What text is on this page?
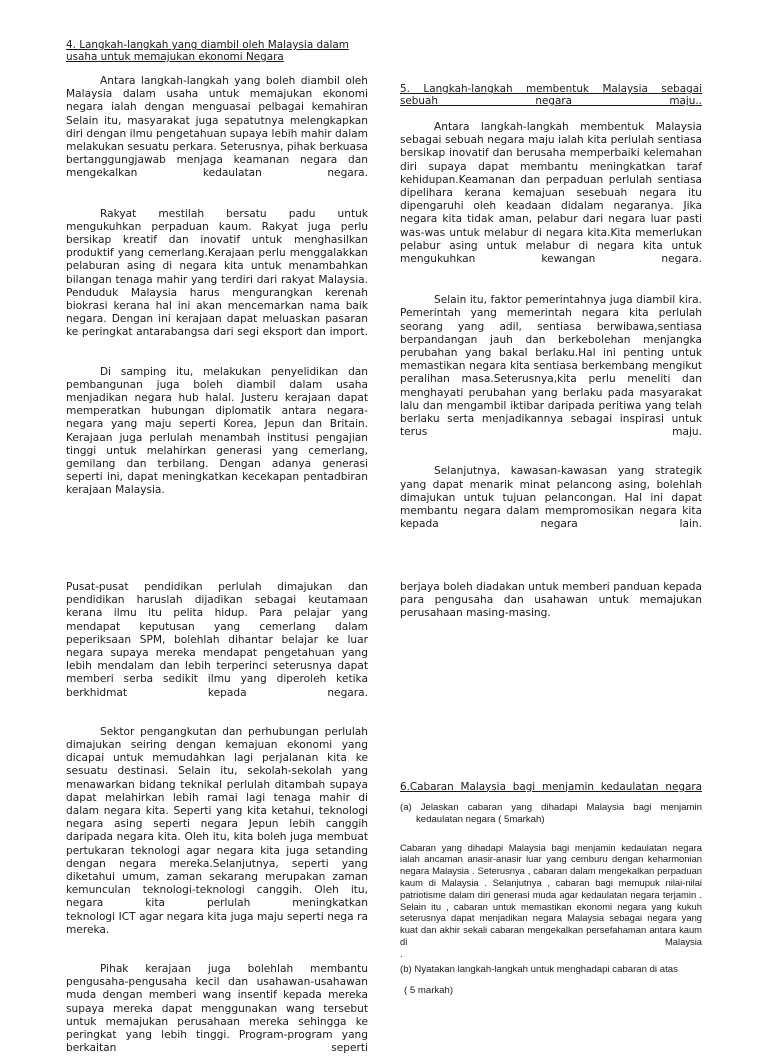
4. Langkah-langkah yang diambil oleh Malaysia dalam usaha untuk memajukan ekonomi Negara

Antara langkah-langkah yang boleh diambil oleh Malaysia dalam usaha untuk memajukan ekonomi negara ialah dengan menguasai pelbagai kemahiran Selain itu, masyarakat juga sepatutnya melengkapkan diri dengan ilmu pengetahuan supaya lebih mahir dalam melakukan sesuatu perkara. Seterusnya, pihak berkuasa bertanggungjawab menjaga keamanan negara dan mengekalkan kedaulatan negara.

Rakyat mestilah bersatu padu untuk mengukuhkan perpaduan kaum. Rakyat juga perlu bersikap kreatif dan inovatif untuk menghasilkan produktif yang cemerlang.Kerajaan perlu menggalakkan pelaburan asing di negara kita untuk menambahkan bilangan tenaga mahir yang terdiri dari rakyat Malaysia. Penduduk Malaysia harus mengurangkan kerenah biokrasi kerana hal ini akan mencemarkan nama baik negara. Dengan ini kerajaan dapat meluaskan pasaran ke peringkat antarabangsa dari segi eksport dan import.

Di samping itu, melakukan penyelidikan dan pembangunan juga boleh diambil dalam usaha menjadikan negara hub halal. Justeru kerajaan dapat memperatkan hubungan diplomatik antara negara-negara yang maju seperti Korea, Jepun dan Britain. Kerajaan juga perlulah menambah institusi pengajian tinggi untuk melahirkan generasi yang cemerlang, gemilang dan terbilang. Dengan adanya generasi seperti ini, dapat meningkatkan kecekapan pentadbiran kerajaan Malaysia.

5. Langkah-langkah membentuk Malaysia sebagai sebuah negara maju..

Antara langkah-langkah membentuk Malaysia sebagai sebuah negara maju ialah kita perlulah sentiasa bersikap inovatif dan berusaha memperbaiki kelemahan diri supaya dapat membantu meningkatkan taraf kehidupan.Keamanan dan perpaduan perlulah sentiasa dipelihara kerana kemajuan sesebuah negara itu dipengaruhi oleh keadaan didalam negaranya. Jika negara kita tidak aman, pelabur dari negara luar pasti was-was untuk melabur di negara kita.Kita memerlukan pelabur asing untuk melabur di negara kita untuk mengukuhkan kewangan negara.

Selain itu, faktor pemerintahnya juga diambil kira. Pemerintah yang memerintah negara kita perlulah seorang yang adil, sentiasa berwibawa,sentiasa berpandangan jauh dan berkebolehan menjangka perubahan yang bakal berlaku.Hal ini penting untuk memastikan negara kita sentiasa berkembang mengikut peralihan masa.Seterusnya,kita perlu meneliti dan menghayati perubahan yang berlaku pada masyarakat lalu dan mengambil iktibar daripada peritiwa yang telah berlaku serta menjadikannya sebagai inspirasi untuk terus maju.

Selanjutnya, kawasan-kawasan yang strategik yang dapat menarik minat pelancong asing, bolehlah dimajukan untuk tujuan pelancongan. Hal ini dapat membantu negara dalam mempromosikan negara kita kepada negara lain.

Pusat-pusat pendidikan perlulah dimajukan dan pendidikan haruslah dijadikan sebagai keutamaan kerana ilmu itu pelita hidup. Para pelajar yang mendapat keputusan yang cemerlang dalam peperiksaan SPM, bolehlah dihantar belajar ke luar negara supaya mereka mendapat pengetahuan yang lebih mendalam dan lebih terperinci seterusnya dapat memberi serba sedikit ilmu yang diperoleh ketika berkhidmat kepada negara.

Sektor pengangkutan dan perhubungan perlulah dimajukan seiring dengan kemajuan ekonomi yang dicapai untuk memudahkan lagi perjalanan kita ke sesuatu destinasi. Selain itu, sekolah-sekolah yang menawarkan bidang teknikal perlulah ditambah supaya dapat melahirkan lebih ramai lagi tenaga mahir di dalam negara kita. Seperti yang kita ketahui, teknologi negara asing seperti negara Jepun lebih canggih daripada negara kita. Oleh itu, kita boleh juga membuat pertukaran teknologi agar negara kita juga setanding dengan negara mereka.Selanjutnya, seperti yang diketahui umum, zaman sekarang merupakan zaman kemunculan teknologi-teknologi canggih. Oleh itu, negara kita perlulah meningkatkan

teknologi ICT agar negara kita juga maju seperti nega ra mereka.

Pihak kerajaan juga bolehlah membantu pengusaha-pengusaha kecil dan usahawan-usahawan muda dengan memberi wang insentif kepada mereka supaya mereka dapat menggunakan wang tersebut untuk memajukan perusahaan mereka sehingga ke peringkat yang lebih tinggi. Program-program yang berkaitan seperti

berjaya boleh diadakan untuk memberi panduan kepada para pengusaha dan usahawan untuk memajukan perusahaan masing-masing.

6.Cabaran Malaysia bagi menjamin kedaulatan negara

(a) Jelaskan cabaran yang dihadapi Malaysia bagi menjamin

kedaulatan negara ( 5markah)

Cabaran yang dihadapi Malaysia bagi menjamin kedaulatan negara ialah ancaman anasir-anasir luar yang cemburu dengan keharmonian negara Malaysia . Seterusnya , cabaran dalam mengekalkan perpaduan kaum di Malaysia . Selanjutnya , cabaran bagi memupuk nilai-nilai patriotisme dalam diri generasi muda agar kedaulatan negara terjamin . Selain itu , cabaran untuk memastikan ekonomi negara yang kukuh seterusnya dapat menjadikan negara Malaysia sebagai negara yang kuat dan akhir sekali cabaran mengekalkan persefahaman antara kaum di Malaysia

.

(b) Nyatakan langkah-langkah untuk menghadapi cabaran di atas

( 5 markah)
